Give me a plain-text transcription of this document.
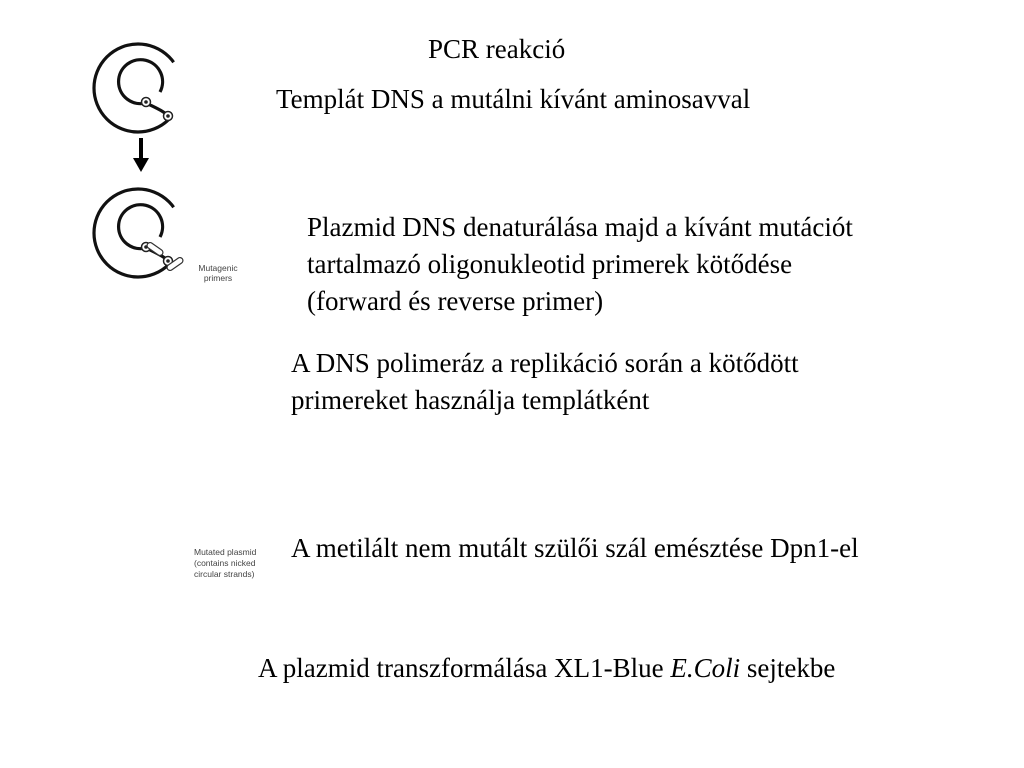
Mutagenic
primers
Mutated plasmid
(contains nicked
circular strands)
PCR reakció
Templát DNS a mutálni kívánt aminosavval
Plazmid DNS denaturálása majd a kívánt mutációt
tartalmazó oligonukleotid primerek kötődése
(forward és reverse primer)
A DNS polimeráz a replikáció során a kötődött
primereket használja templátként
A metilált nem mutált szülői szál emésztése Dpn1-el
A plazmid transzformálása XL1-Blue E.Coli sejtekbe
